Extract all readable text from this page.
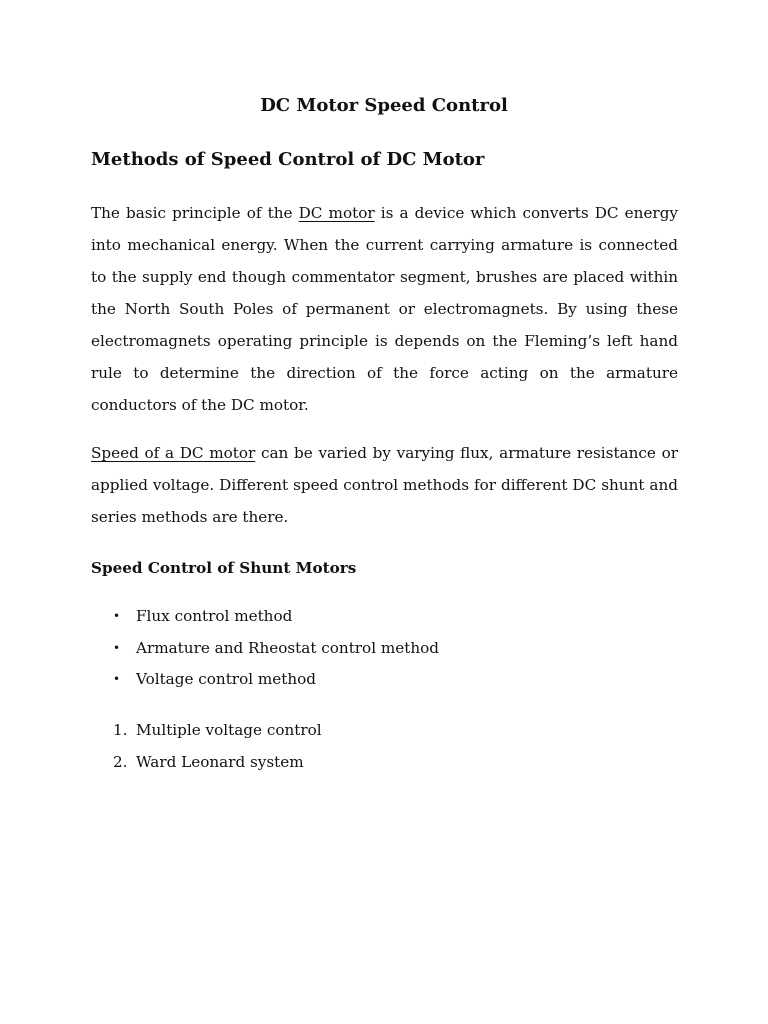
DC Motor Speed Control
Methods of Speed Control of DC Motor

The basic principle of the DC motor is a device which converts DC energy into mechanical energy. When the current carrying armature is connected to the supply end though commentator segment, brushes are placed within the North South Poles of permanent or electromagnets. By using these electromagnets operating principle is depends on the Fleming’s left hand rule to determine the direction of the force acting on the armature conductors of the DC motor.

Speed of a DC motor can be varied by varying flux, armature resistance or applied voltage. Different speed control methods for different DC shunt and series methods are there.

Speed Control of Shunt Motors
• Flux control method
• Armature and Rheostat control method
• Voltage control method
1. Multiple voltage control
2. Ward Leonard system
